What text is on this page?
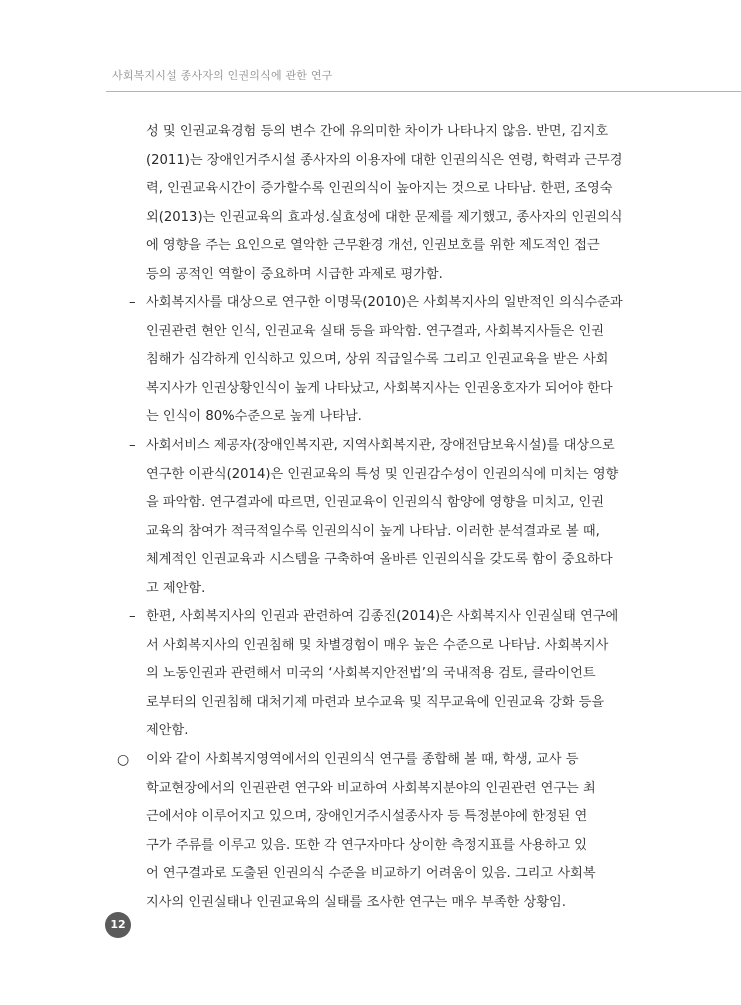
사회복지시설 종사자의 인권의식에 관한 연구
성 및 인권교육경험 등의 변수 간에 유의미한 차이가 나타나지 않음. 반면, 김지호
(2011)는 장애인거주시설 종사자의 이용자에 대한 인권의식은 연령, 학력과 근무경
력, 인권교육시간이 증가할수록 인권의식이 높아지는 것으로 나타남. 한편, 조영숙
외(2013)는 인권교육의 효과성.실효성에 대한 문제를 제기했고, 종사자의 인권의식
에 영향을 주는 요인으로 열악한 근무환경 개선, 인권보호를 위한 제도적인 접근
등의 공적인 역할이 중요하며 시급한 과제로 평가함.
– 사회복지사를 대상으로 연구한 이명묵(2010)은 사회복지사의 일반적인 의식수준과
인권관련 현안 인식, 인권교육 실태 등을 파악함. 연구결과, 사회복지사들은 인권
침해가 심각하게 인식하고 있으며, 상위 직급일수록 그리고 인권교육을 받은 사회
복지사가 인권상황인식이 높게 나타났고, 사회복지사는 인권옹호자가 되어야 한다
는 인식이 80%수준으로 높게 나타남.
– 사회서비스 제공자(장애인복지관, 지역사회복지관, 장애전담보육시설)를 대상으로
연구한 이관식(2014)은 인권교육의 특성 및 인권감수성이 인권의식에 미치는 영향
을 파악함. 연구결과에 따르면, 인권교육이 인권의식 함양에 영향을 미치고, 인권
교육의 참여가 적극적일수록 인권의식이 높게 나타남. 이러한 분석결과로 볼 때,
체계적인 인권교육과 시스템을 구축하여 올바른 인권의식을 갖도록 함이 중요하다
고 제안함.
– 한편, 사회복지사의 인권과 관련하여 김종진(2014)은 사회복지사 인권실태 연구에
서 사회복지사의 인권침해 및 차별경험이 매우 높은 수준으로 나타남. 사회복지사
의 노동인권과 관련해서 미국의 ‘사회복지안전법’의 국내적용 검토, 클라이언트
로부터의 인권침해 대처기제 마련과 보수교육 및 직무교육에 인권교육 강화 등을
제안함.
○ 이와 같이 사회복지영역에서의 인권의식 연구를 종합해 볼 때, 학생, 교사 등
학교현장에서의 인권관련 연구와 비교하여 사회복지분야의 인권관련 연구는 최
근에서야 이루어지고 있으며, 장애인거주시설종사자 등 특정분야에 한정된 연
구가 주류를 이루고 있음. 또한 각 연구자마다 상이한 측정지표를 사용하고 있
어 연구결과로 도출된 인권의식 수준을 비교하기 어려움이 있음. 그리고 사회복
지사의 인권실태나 인권교육의 실태를 조사한 연구는 매우 부족한 상황임.
12
